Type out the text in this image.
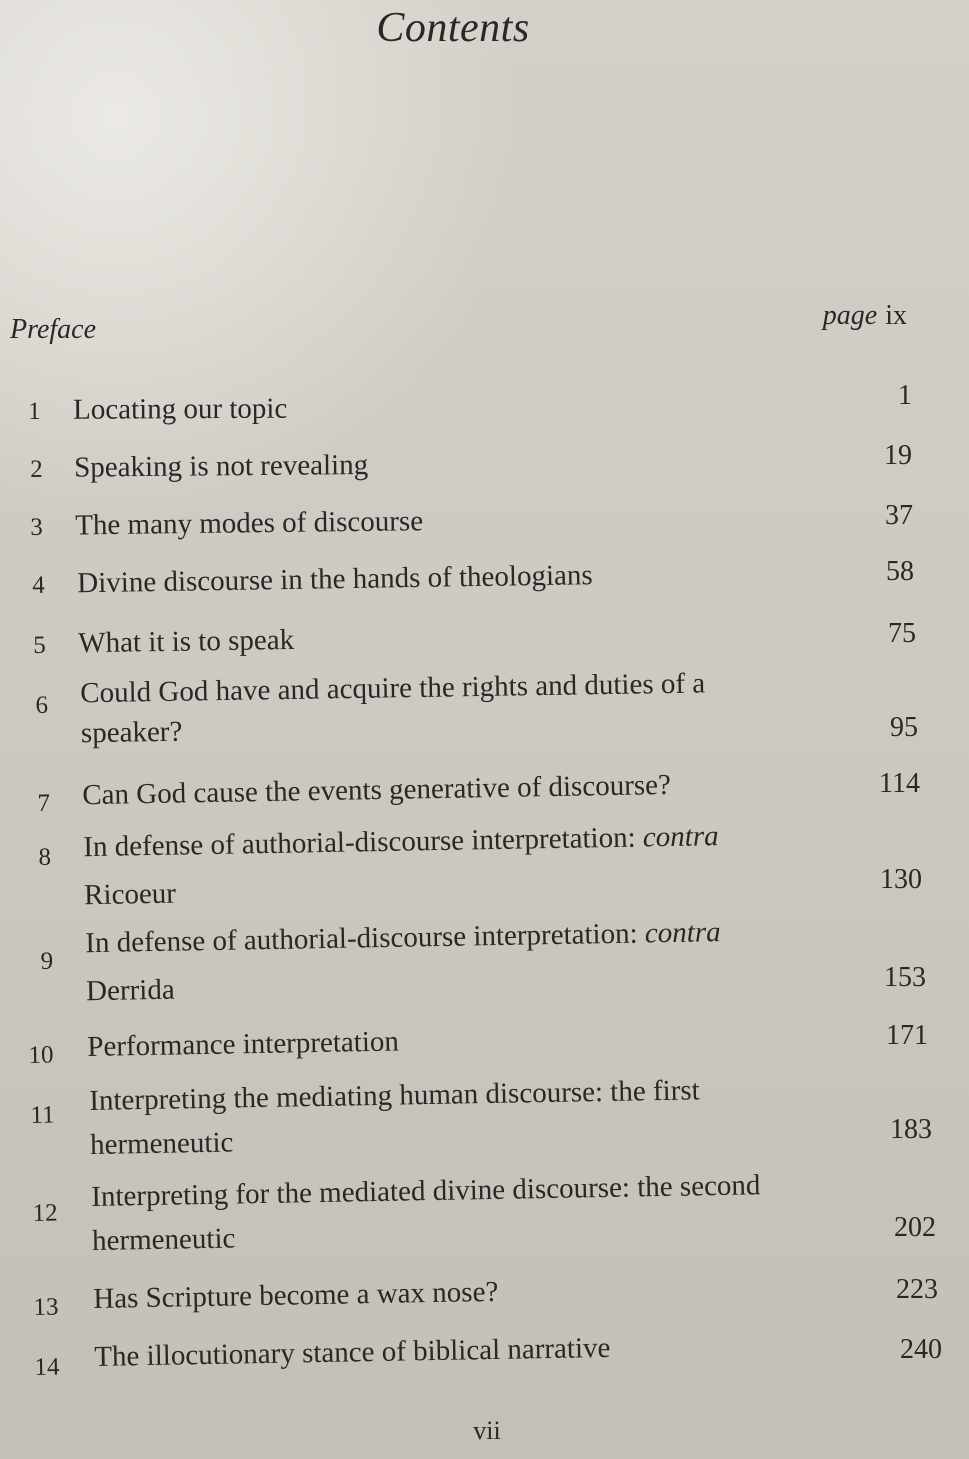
Contents
Preface	page ix
1 Locating our topic	1
2 Speaking is not revealing	19
3 The many modes of discourse	37
4 Divine discourse in the hands of theologians	58
5 What it is to speak	75
6 Could God have and acquire the rights and duties of a
speaker?	95
7 Can God cause the events generative of discourse?	114
8 In defense of authorial-discourse interpretation: contra
Ricoeur	130
9
In defense of authorial-discourse interpretation: contra
Derrida	153
10 Performance interpretation	171
11 Interpreting the mediating human discourse: the first
hermeneutic	183
12
Interpreting for the mediated divine discourse: the second
hermeneutic	202
13 Has Scripture become a wax nose?	223
14 The illocutionary stance of biblical narrative	240
vii
